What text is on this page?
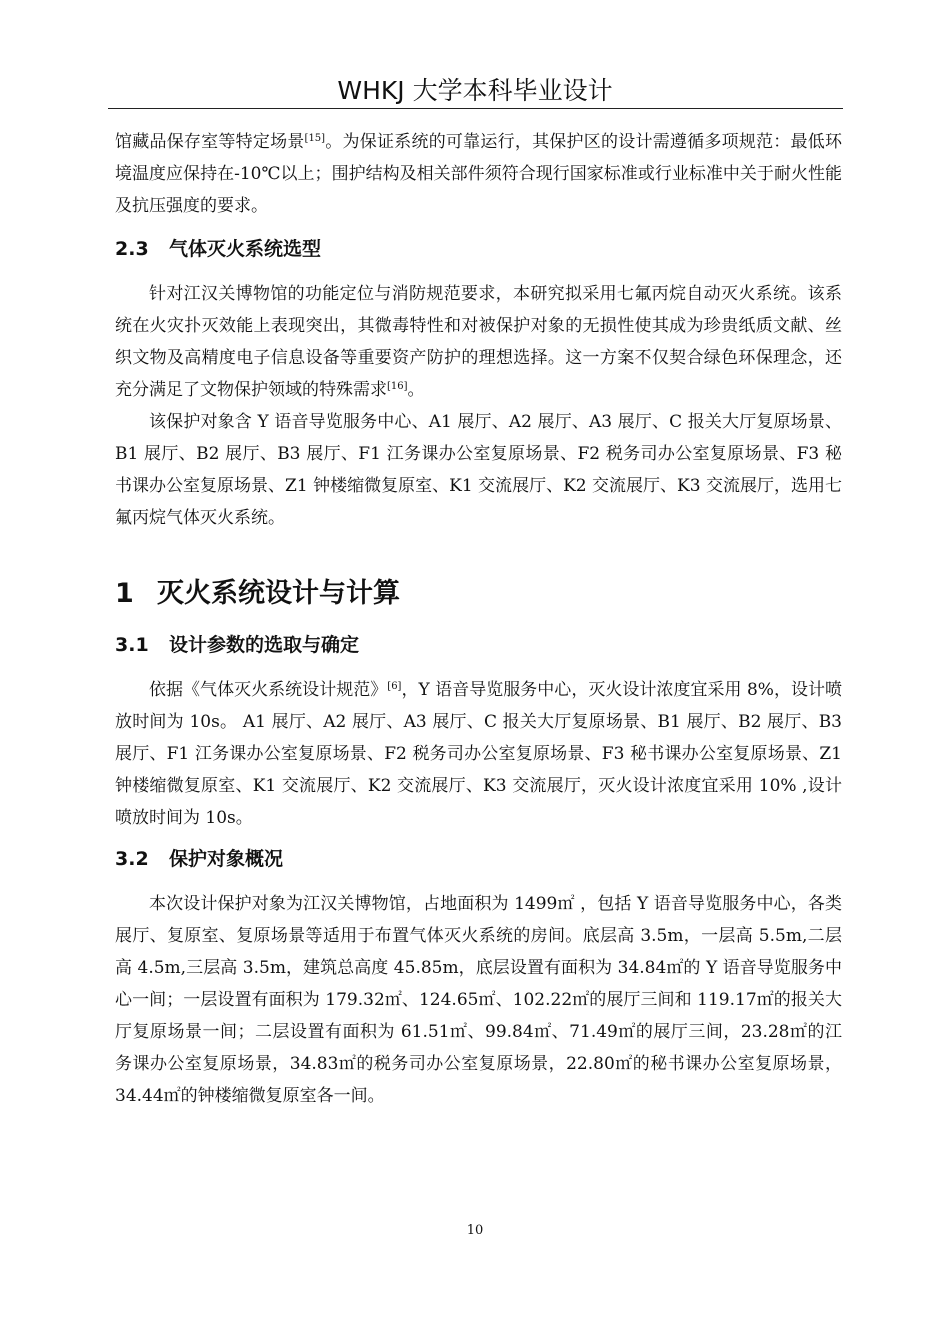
WHKJ 大学本科毕业设计

馆藏品保存室等特定场景[15]。为保证系统的可靠运行，其保护区的设计需遵循多项规范：最低环境温度应保持在-10℃以上；围护结构及相关部件须符合现行国家标准或行业标准中关于耐火性能及抗压强度的要求。

2.3 气体灭火系统选型

针对江汉关博物馆的功能定位与消防规范要求，本研究拟采用七氟丙烷自动灭火系统。该系统在火灾扑灭效能上表现突出，其微毒特性和对被保护对象的无损性使其成为珍贵纸质文献、丝织文物及高精度电子信息设备等重要资产防护的理想选择。这一方案不仅契合绿色环保理念，还充分满足了文物保护领域的特殊需求[16]。

该保护对象含 Y 语音导览服务中心、A1 展厅、A2 展厅、A3 展厅、C 报关大厅复原场景、B1 展厅、B2 展厅、B3 展厅、F1 江务课办公室复原场景、F2 税务司办公室复原场景、F3 秘书课办公室复原场景、Z1 钟楼缩微复原室、K1 交流展厅、K2 交流展厅、K3 交流展厅，选用七氟丙烷气体灭火系统。

1 灭火系统设计与计算
3.1 设计参数的选取与确定

依据《气体灭火系统设计规范》[6]，Y 语音导览服务中心，灭火设计浓度宜采用 8%，设计喷放时间为 10s。 A1 展厅、A2 展厅、A3 展厅、C 报关大厅复原场景、B1 展厅、B2 展厅、B3 展厅、F1 江务课办公室复原场景、F2 税务司办公室复原场景、F3 秘书课办公室复原场景、Z1 钟楼缩微复原室、K1 交流展厅、K2 交流展厅、K3 交流展厅，灭火设计浓度宜采用 10% ,设计喷放时间为 10s。

3.2 保护对象概况

本次设计保护对象为江汉关博物馆，占地面积为 1499㎡ ，包括 Y 语音导览服务中心，各类展厅、复原室、复原场景等适用于布置气体灭火系统的房间。底层高 3.5m，一层高 5.5m,二层高 4.5m,三层高 3.5m，建筑总高度 45.85m，底层设置有面积为 34.84㎡的 Y 语音导览服务中心一间；一层设置有面积为 179.32㎡、124.65㎡、102.22㎡的展厅三间和 119.17㎡的报关大厅复原场景一间；二层设置有面积为 61.51㎡、99.84㎡、71.49㎡的展厅三间，23.28㎡的江务课办公室复原场景，34.83㎡的税务司办公室复原场景，22.80㎡的秘书课办公室复原场景，34.44㎡的钟楼缩微复原室各一间。

10
